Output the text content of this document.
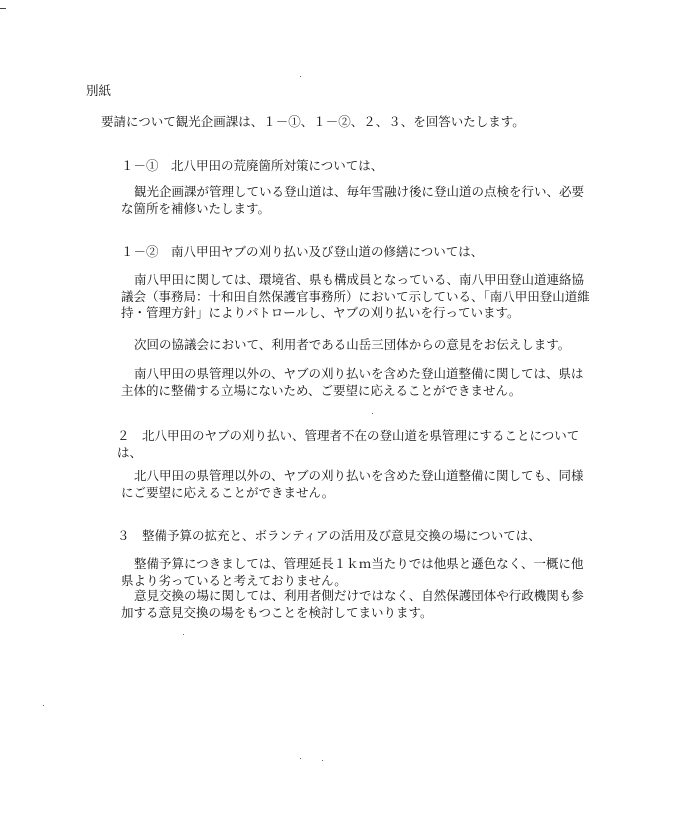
別紙
要請について観光企画課は、１－①、１－②、２、３、を回答いたします。
１－①　北八甲田の荒廃箇所対策については、
観光企画課が管理している登山道は、毎年雪融け後に登山道の点検を行い、必要な箇所を補修いたします。
１－②　南八甲田ヤブの刈り払い及び登山道の修繕については、
南八甲田に関しては、環境省、県も構成員となっている、南八甲田登山道連絡協議会（事務局：十和田自然保護官事務所）において示している、「南八甲田登山道維持・管理方針」によりパトロールし、ヤブの刈り払いを行っています。
次回の協議会において、利用者である山岳三団体からの意見をお伝えします。
南八甲田の県管理以外の、ヤブの刈り払いを含めた登山道整備に関しては、県は主体的に整備する立場にないため、ご要望に応えることができません。
２　北八甲田のヤブの刈り払い、管理者不在の登山道を県管理にすることについては、
北八甲田の県管理以外の、ヤブの刈り払いを含めた登山道整備に関しても、同様にご要望に応えることができません。
３　整備予算の拡充と、ボランティアの活用及び意見交換の場については、
整備予算につきましては、管理延長１ｋｍ当たりでは他県と遜色なく、一概に他県より劣っていると考えておりません。
意見交換の場に関しては、利用者側だけではなく、自然保護団体や行政機関も参加する意見交換の場をもつことを検討してまいります。
